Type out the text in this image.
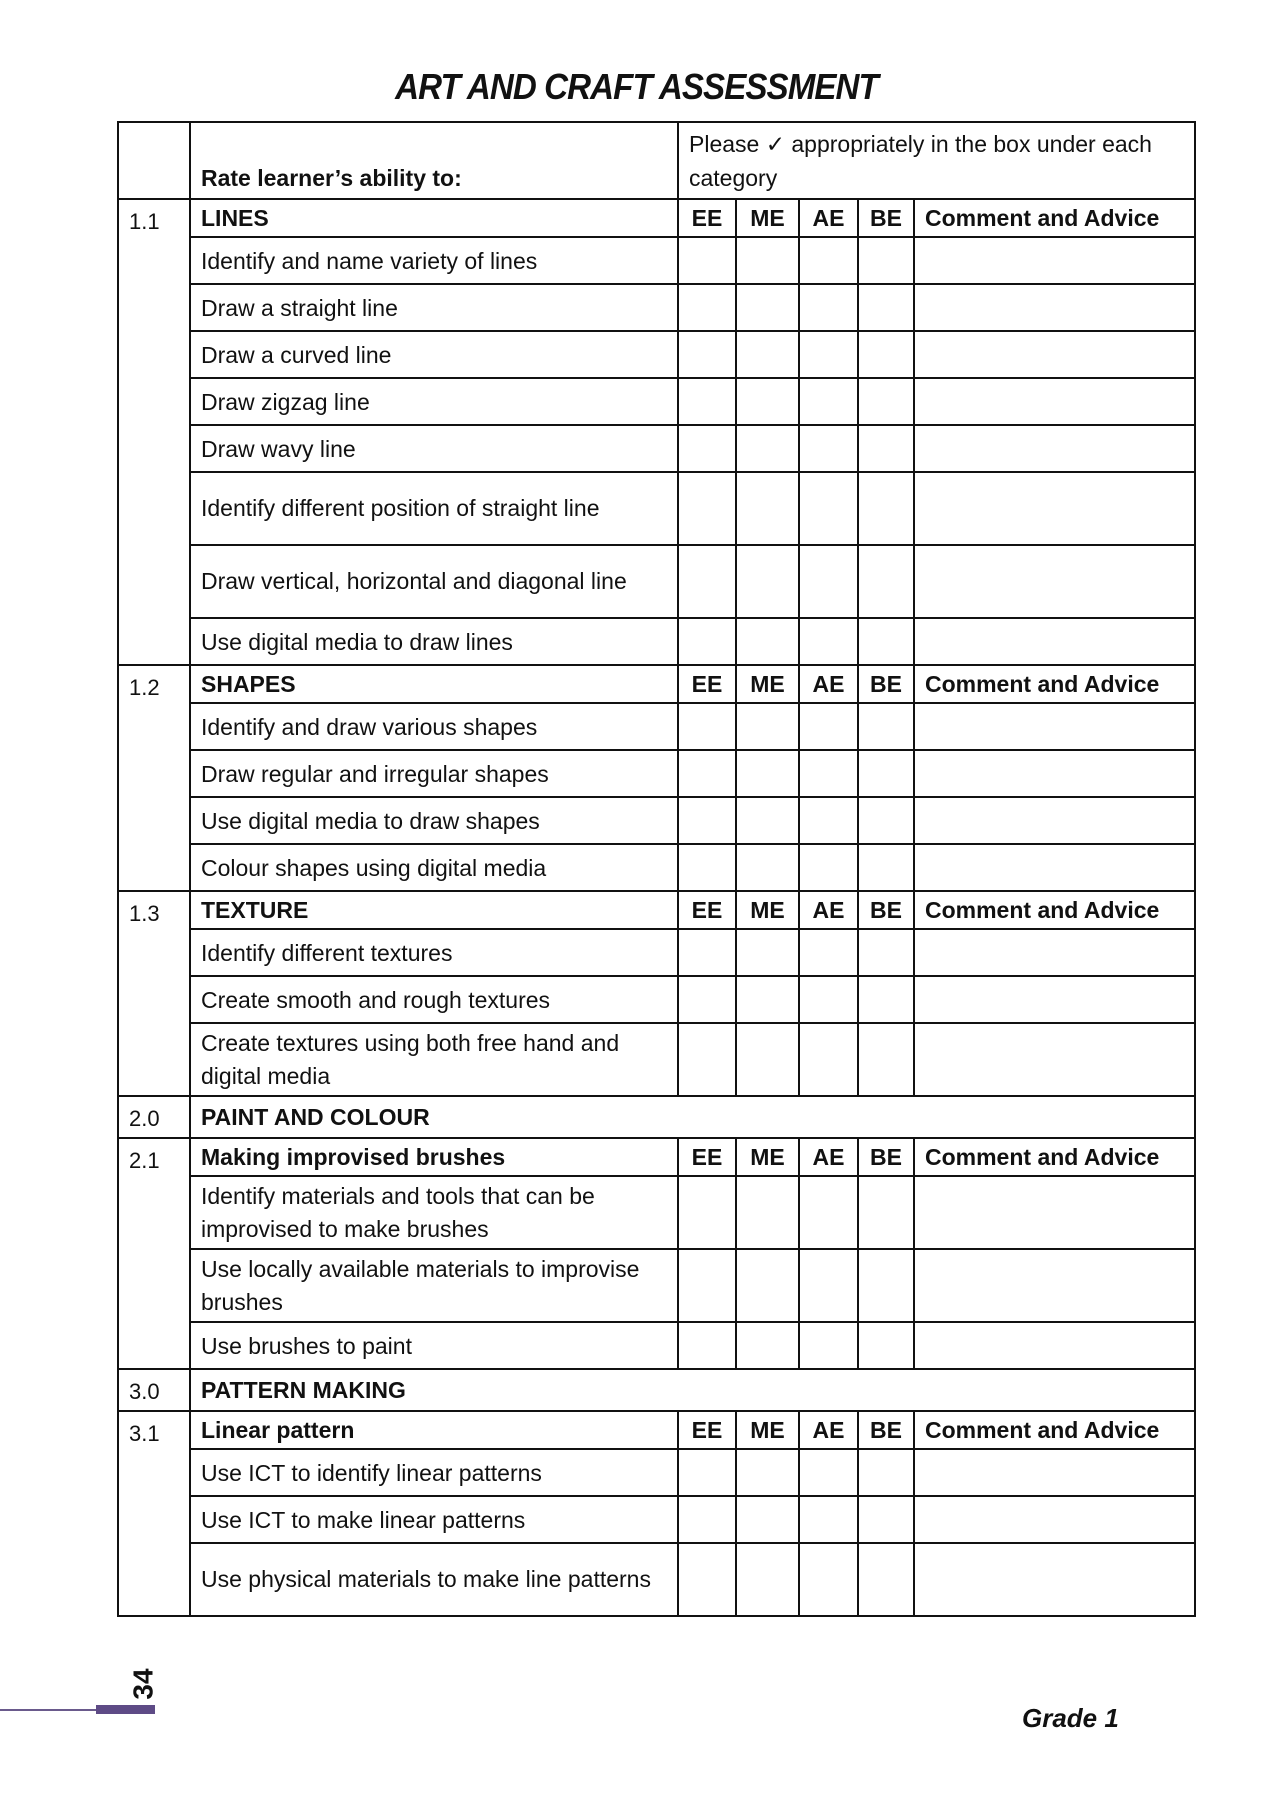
ART AND CRAFT ASSESSMENT
	Rate learner’s ability to:	Please ✓ appropriately in the box under each category				
1.1	LINES	EE	ME	AE	BE	Comment and Advice
	Identify and name variety of lines					
	Draw a straight line					
	Draw a curved line					
	Draw zigzag line					
	Draw wavy line					
	Identify different position of straight line					
	Draw vertical, horizontal and diagonal line					
	Use digital media to draw lines					
1.2	SHAPES	EE	ME	AE	BE	Comment and Advice
	Identify and draw various shapes					
	Draw regular and irregular shapes					
	Use digital media to draw shapes					
	Colour shapes using digital media					
1.3	TEXTURE	EE	ME	AE	BE	Comment and Advice
	Identify different textures					
	Create smooth and rough textures					
	Create textures using both free hand and digital media					
2.0	PAINT AND COLOUR					
2.1	Making improvised brushes	EE	ME	AE	BE	Comment and Advice
	Identify materials and tools that can be improvised to make brushes					
	Use locally available materials to improvise brushes					
	Use brushes to paint					
3.0	PATTERN MAKING					
3.1	Linear pattern	EE	ME	AE	BE	Comment and Advice
	Use ICT to identify linear patterns					
	Use ICT to make linear patterns					
	Use physical materials to make line patterns					
34
Grade 1
